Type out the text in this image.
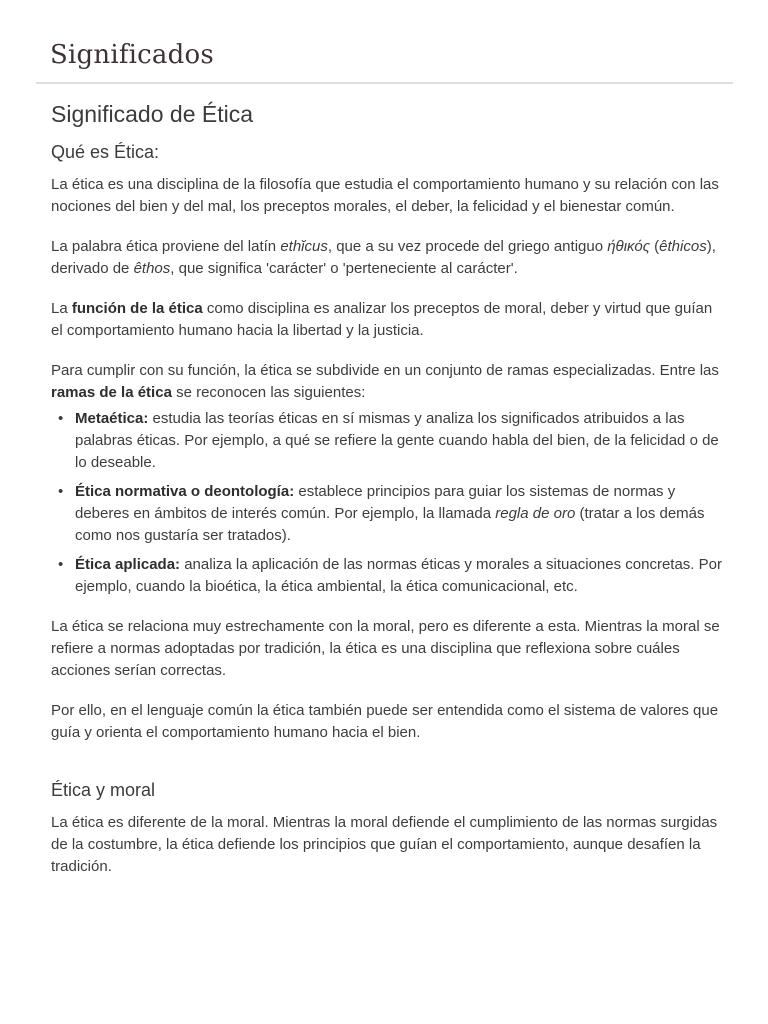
Significados
Significado de Ética
Qué es Ética:

La ética es una disciplina de la filosofía que estudia el comportamiento humano y su relación con las nociones del bien y del mal, los preceptos morales, el deber, la felicidad y el bienestar común.

La palabra ética proviene del latín ethĭcus, que a su vez procede del griego antiguo ήθικός (êthicos), derivado de êthos, que significa 'carácter' o 'perteneciente al carácter'.

La función de la ética como disciplina es analizar los preceptos de moral, deber y virtud que guían el comportamiento humano hacia la libertad y la justicia.

Para cumplir con su función, la ética se subdivide en un conjunto de ramas especializadas. Entre las ramas de la ética se reconocen las siguientes:

• Metaética: estudia las teorías éticas en sí mismas y analiza los significados atribuidos a las palabras éticas. Por ejemplo, a qué se refiere la gente cuando habla del bien, de la felicidad o de lo deseable.
• Ética normativa o deontología: establece principios para guiar los sistemas de normas y deberes en ámbitos de interés común. Por ejemplo, la llamada regla de oro (tratar a los demás como nos gustaría ser tratados).
• Ética aplicada: analiza la aplicación de las normas éticas y morales a situaciones concretas. Por ejemplo, cuando la bioética, la ética ambiental, la ética comunicacional, etc.

La ética se relaciona muy estrechamente con la moral, pero es diferente a esta. Mientras la moral se refiere a normas adoptadas por tradición, la ética es una disciplina que reflexiona sobre cuáles acciones serían correctas.

Por ello, en el lenguaje común la ética también puede ser entendida como el sistema de valores que guía y orienta el comportamiento humano hacia el bien.

Ética y moral

La ética es diferente de la moral. Mientras la moral defiende el cumplimiento de las normas surgidas de la costumbre, la ética defiende los principios que guían el comportamiento, aunque desafíen la tradición.
